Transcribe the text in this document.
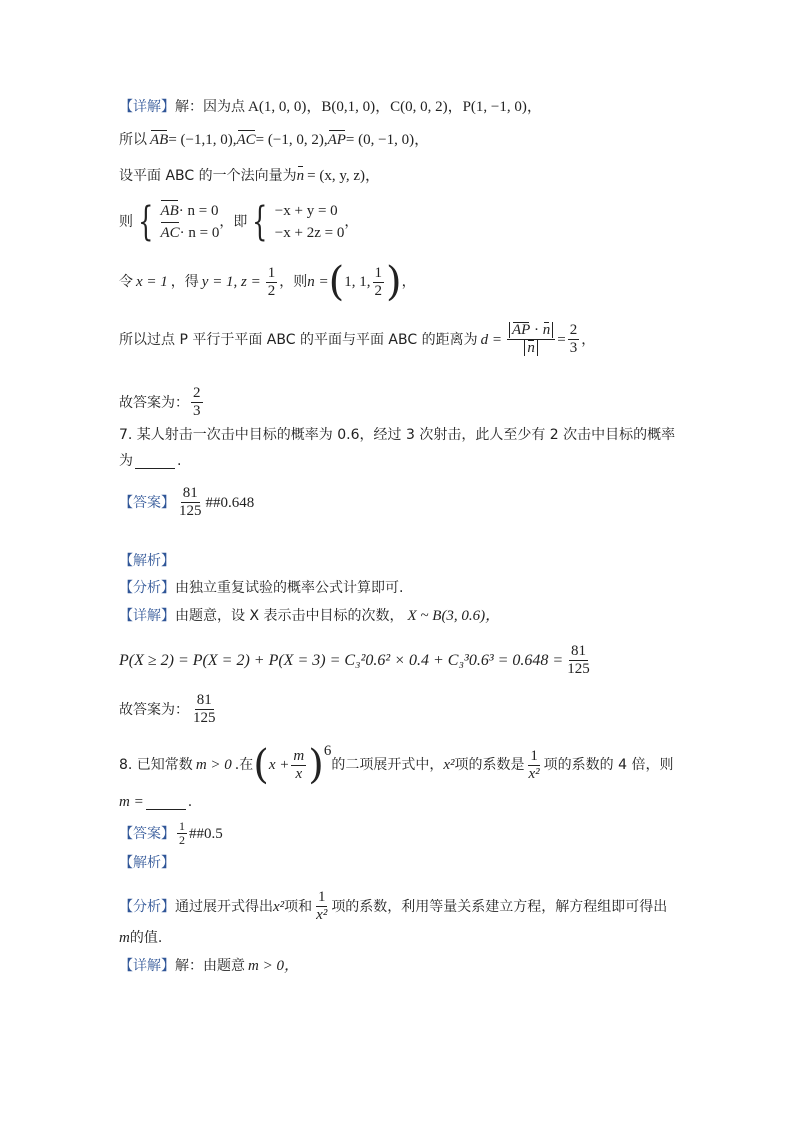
【详解】 解：因为点 A(1, 0, 0)，B(0,1, 0)，C(0, 0, 2)，P(1, −1, 0)，
所以 AB = (−1,1, 0), AC = (−1, 0, 2), AP = (0, −1, 0)，
设平面 ABC 的一个法向量为 n = (x, y, z)，
则 { AB · n = 0
AC · n = 0
，即 { −x + y = 0
−x + 2z = 0
，
令 x = 1 ，得 y = 1, $z = \frac{1}{2}$ ，则 n = ( 1, 1, $\frac{1}{2}$ ) ，
所以过点 P 平行于平面 ABC 的平面与平面 ABC 的距离为 $d = \frac{AP \cdot n}{n} = \frac{2}{3}$ ，
故答案为： $\frac{2}{3}$
7. 某人射击一次击中目标的概率为 0.6，经过 3 次射击，此人至少有 2 次击中目标的概率
为	.
【答案】 $\frac{81}{125}$ ##0.648
【解析】
【分析】 由独立重复试验的概率公式计算即可.
【详解】 由题意，设 X 表示击中目标的次数， X ~ B(3, 0.6)，
$P(X \ge 2) = P(X = 2) + P(X = 3) = C_3^20.6^2 \times 0.4 + C_3^30.6^3 = 0.648 = \frac{81}{125}$
故答案为： $\frac{81}{125}$
8. 已知常数 m > 0 .在 ( $x + \frac{m}{x}$ ) 6
的二项展开式中， x² 项的系数是 $\frac{1}{\text{x²}}$ 项的系数的 4 倍，则
m =	.
【答案】 $\frac{1}{2}$ ##0.5
【解析】
【分析】 通过展开式得出 x² 项和 $\frac{1}{\text{x²}}$ 项的系数，利用等量关系建立方程，解方程组即可得出
m 的值.
【详解】 解：由题意 m > 0，
